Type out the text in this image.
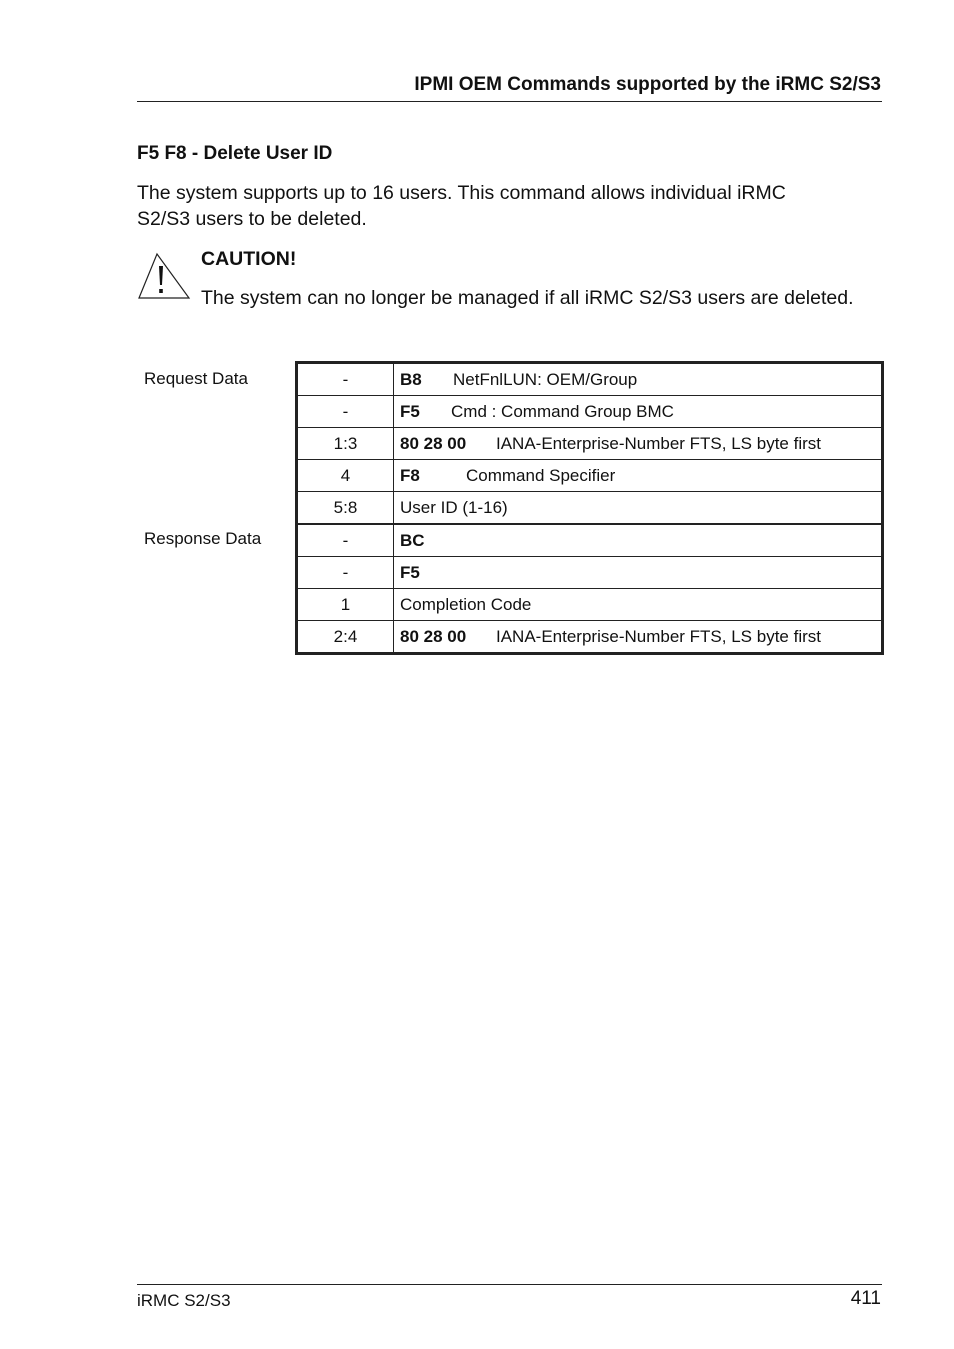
IPMI OEM Commands supported by the iRMC S2/S3
F5 F8 - Delete User ID
The system supports up to 16 users. This command allows individual iRMC S2/S3 users to be deleted.
CAUTION!
The system can no longer be managed if all iRMC S2/S3 users are deleted.
Request Data
Response Data
-	B8 NetFnlLUN: OEM/Group
-	F5 Cmd : Command Group BMC
1:3	80 28 00 IANA-Enterprise-Number FTS, LS byte first
4	F8 Command Specifier
5:8	User ID (1-16)
-	BC
-	F5
1	Completion Code
2:4	80 28 00 IANA-Enterprise-Number FTS, LS byte first
iRMC S2/S3	411
